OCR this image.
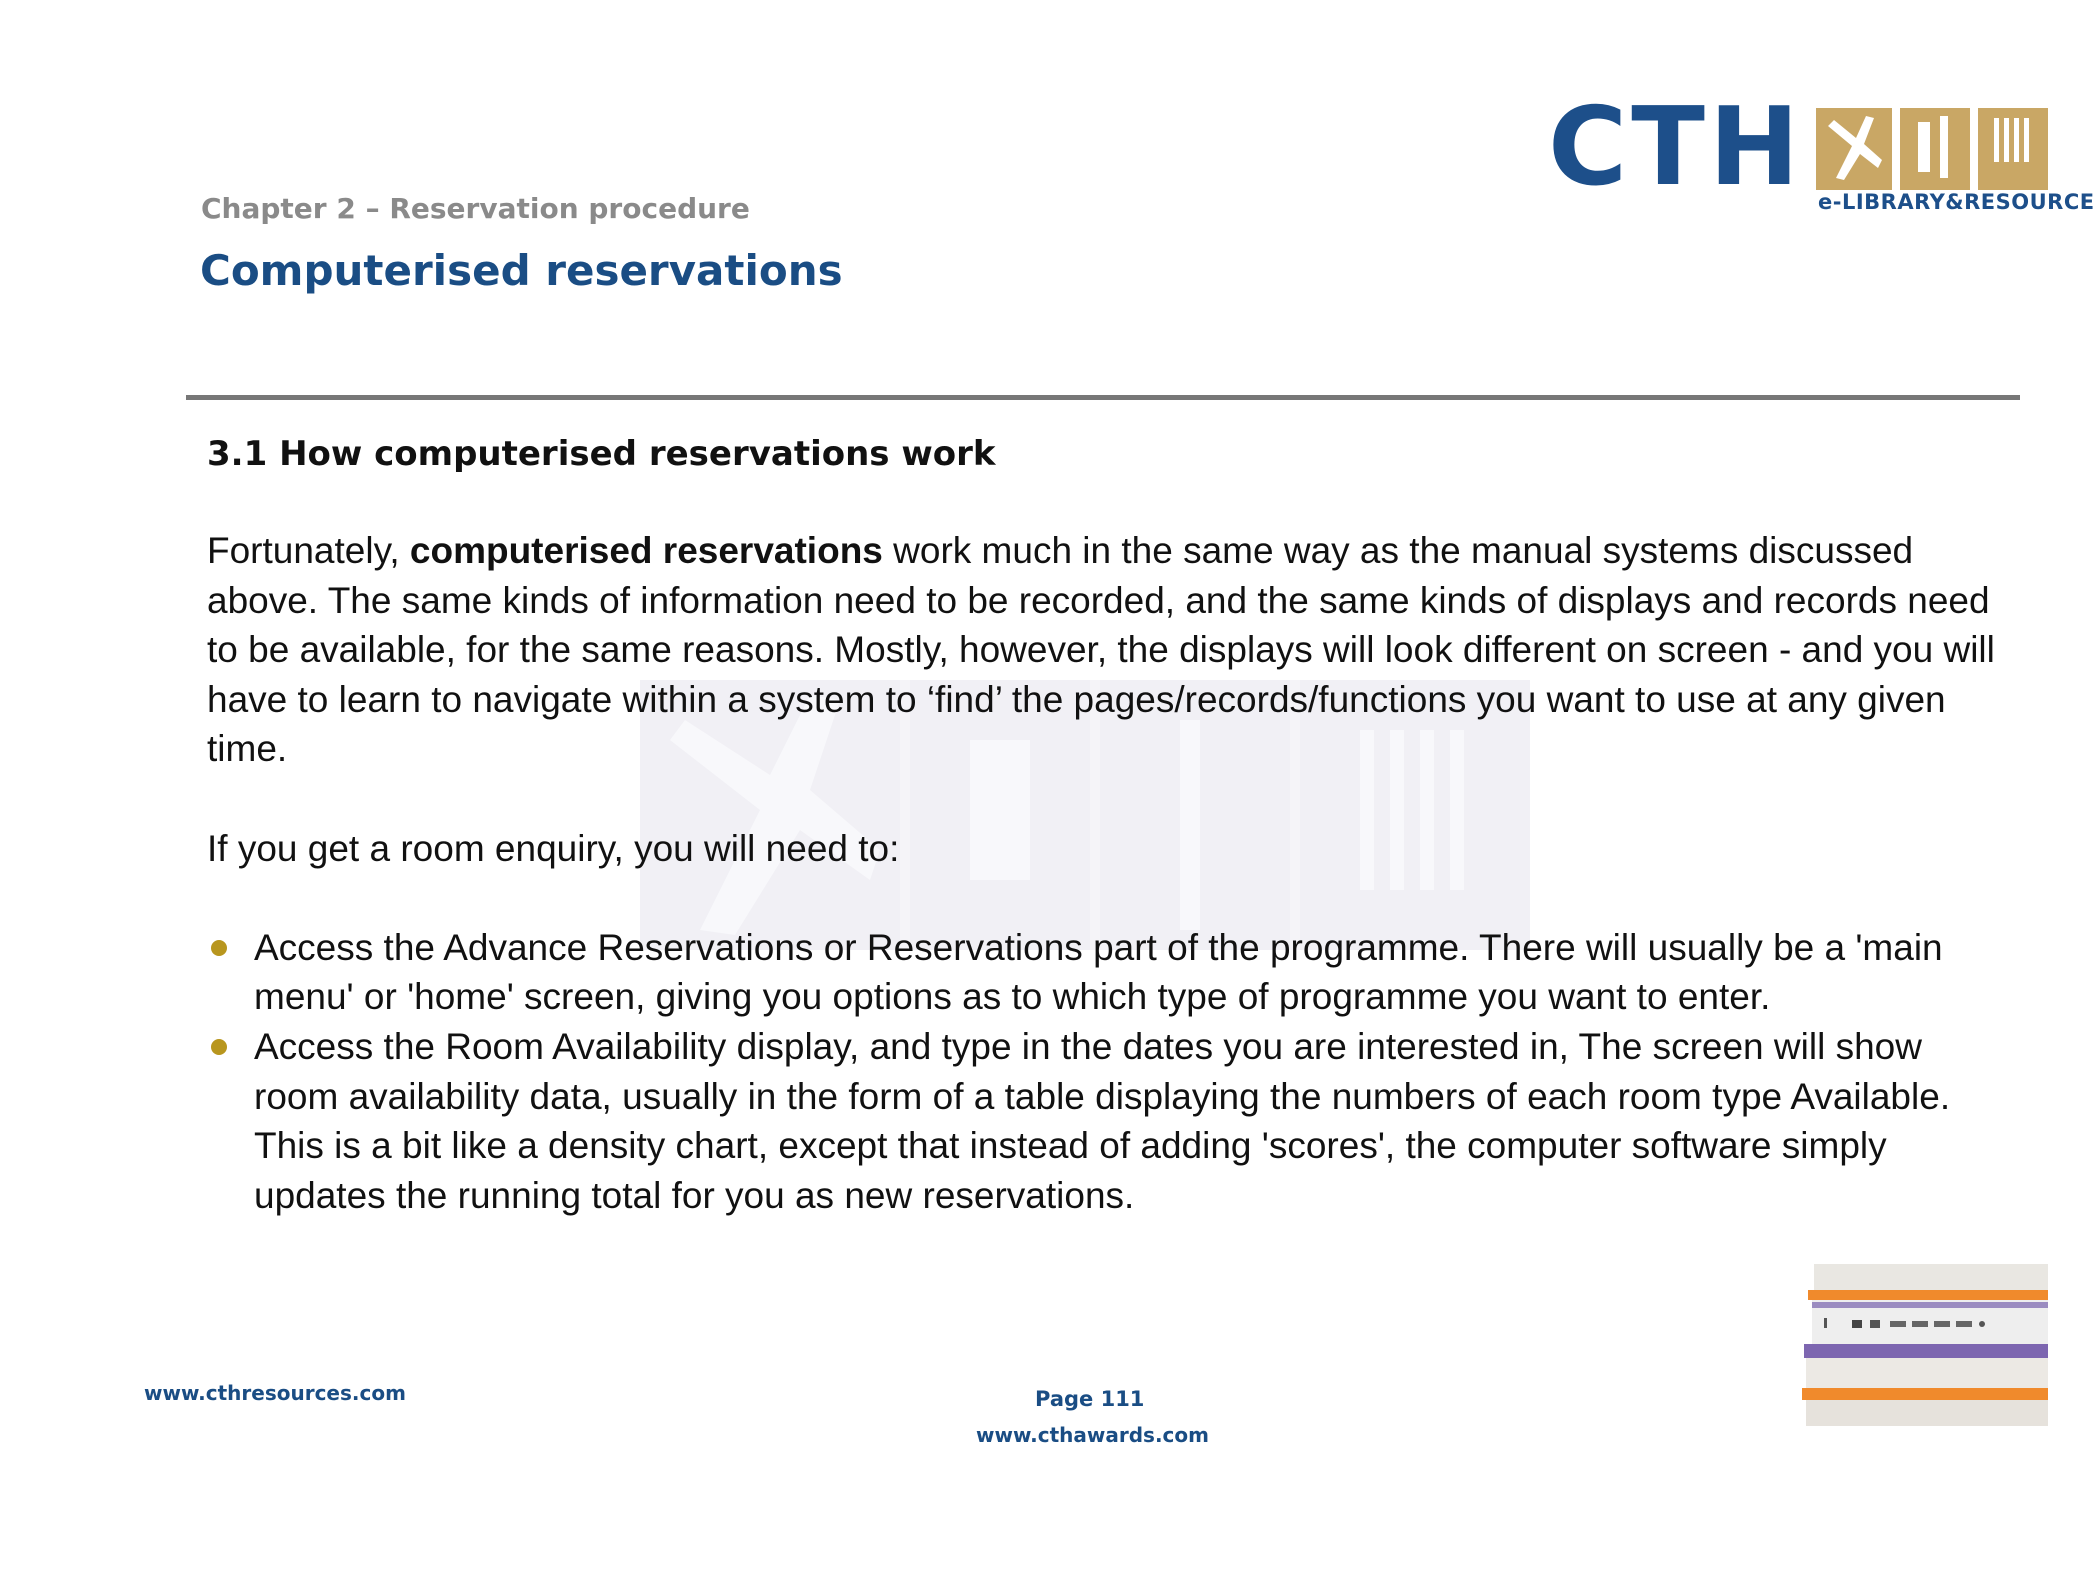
CTH e-LIBRARY&RESOURCE
Chapter 2 – Reservation procedure
Computerised reservations
3.1 How computerised reservations work

Fortunately, computerised reservations work much in the same way as the manual systems discussed above. The same kinds of information need to be recorded, and the same kinds of displays and records need to be available, for the same reasons. Mostly, however, the displays will look different on screen - and you will have to learn to navigate within a system to ‘find’ the pages/records/functions you want to use at any given time.

If you get a room enquiry, you will need to:

Access the Advance Reservations or Reservations part of the programme. There will usually be a 'main menu' or 'home' screen, giving you options as to which type of programme you want to enter.
Access the Room Availability display, and type in the dates you are interested in, The screen will show room availability data, usually in the form of a table displaying the numbers of each room type Available. This is a bit like a density chart, except that instead of adding 'scores', the computer software simply updates the running total for you as new reservations.
www.cthresources.com	Page 111
www.cthawards.com
